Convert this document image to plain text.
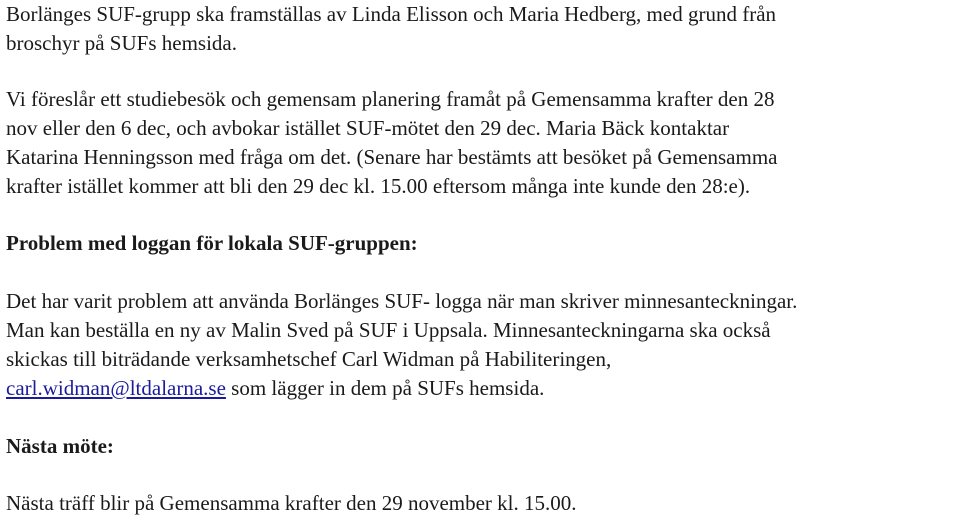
Borlänges SUF-grupp ska framställas av Linda Elisson och Maria Hedberg, med grund från
broschyr på SUFs hemsida.
Vi föreslår ett studiebesök och gemensam planering framåt på Gemensamma krafter den 28
nov eller den 6 dec, och avbokar istället SUF-mötet den 29 dec. Maria Bäck kontaktar
Katarina Henningsson med fråga om det. (Senare har bestämts att besöket på Gemensamma
krafter istället kommer att bli den 29 dec kl. 15.00 eftersom många inte kunde den 28:e).
Problem med loggan för lokala SUF-gruppen:
Det har varit problem att använda Borlänges SUF- logga när man skriver minnesanteckningar.
Man kan beställa en ny av Malin Sved på SUF i Uppsala. Minnesanteckningarna ska också
skickas till biträdande verksamhetschef Carl Widman på Habiliteringen,
carl.widman@ltdalarna.se som lägger in dem på SUFs hemsida.
Nästa möte:
Nästa träff blir på Gemensamma krafter den 29 november kl. 15.00.
